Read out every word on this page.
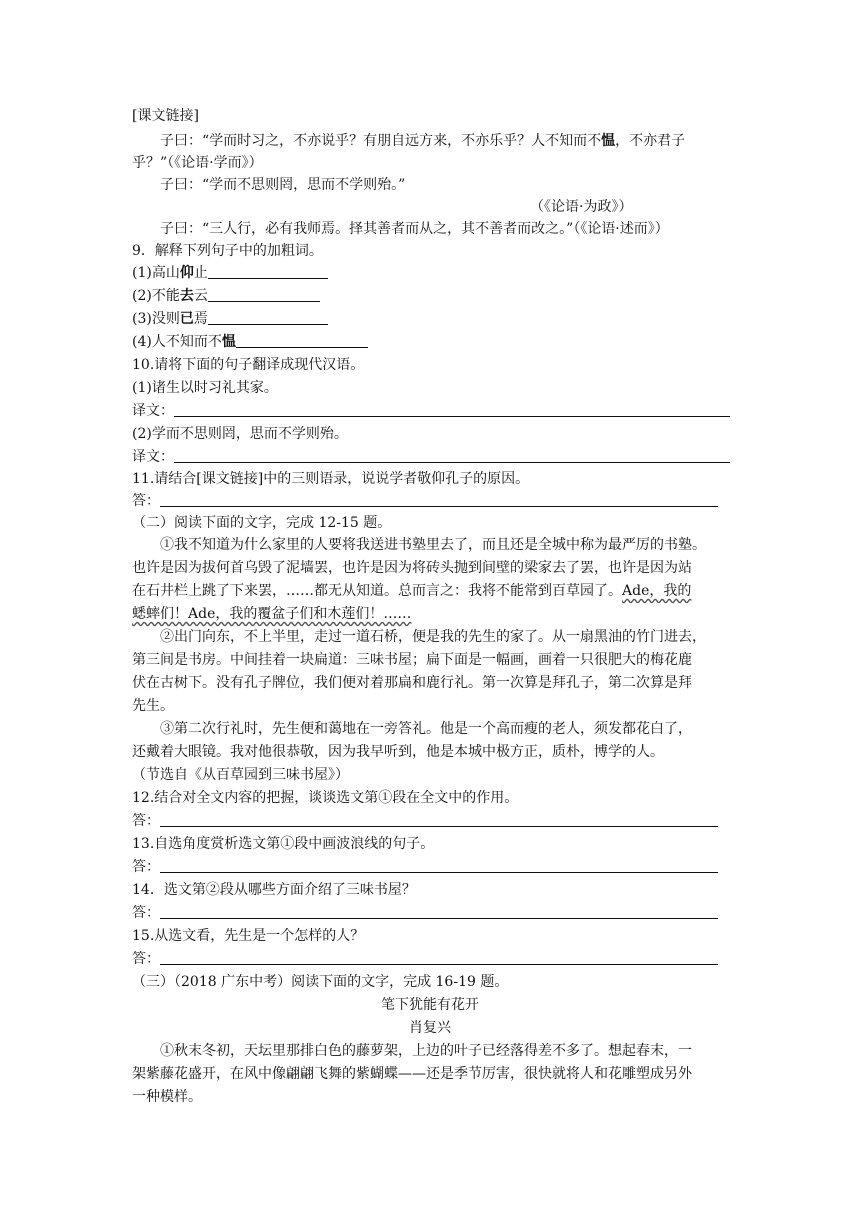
[课文链接]
子曰：“学而时习之，不亦说乎？有朋自远方来，不亦乐乎？人不知而不愠，不亦君子
乎？”（《论语·学而》）
子曰：“学而不思则罔，思而不学则殆。”
（《论语·为政》）
子曰：“三人行，必有我师焉。择其善者而从之，其不善者而改之。”（《论语·述而》）
9．解释下列句子中的加粗词。
(1)高山仰止
(2)不能去云
(3)没则已焉
(4)人不知而不愠
10.请将下面的句子翻译成现代汉语。
(1)诸生以时习礼其家。
译文：
(2)学而不思则罔，思而不学则殆。
译文：
11.请结合[课文链接]中的三则语录，说说学者敬仰孔子的原因。
答：
（二）阅读下面的文字，完成 12-15 题。
①我不知道为什么家里的人要将我送进书塾里去了，而且还是全城中称为最严厉的书塾。
也许是因为拔何首乌毁了泥墙罢，也许是因为将砖头抛到间壁的梁家去了罢，也许是因为站
在石井栏上跳了下来罢，……都无从知道。总而言之：我将不能常到百草园了。Ade，我的
蟋蟀们！Ade，我的覆盆子们和木莲们！……
②出门向东，不上半里，走过一道石桥，便是我的先生的家了。从一扇黑油的竹门进去，
第三间是书房。中间挂着一块扁道：三味书屋；扁下面是一幅画，画着一只很肥大的梅花鹿
伏在古树下。没有孔子牌位，我们便对着那扁和鹿行礼。第一次算是拜孔子，第二次算是拜
先生。
③第二次行礼时，先生便和蔼地在一旁答礼。他是一个高而瘦的老人，须发都花白了，
还戴着大眼镜。我对他很恭敬，因为我早听到，他是本城中极方正，质朴，博学的人。
（节选自《从百草园到三味书屋》）
12.结合对全文内容的把握，谈谈选文第①段在全文中的作用。
答：
13.自选角度赏析选文第①段中画波浪线的句子。
答：
14．选文第②段从哪些方面介绍了三味书屋？
答：
15.从选文看，先生是一个怎样的人？
答：
（三）（2018 广东中考）阅读下面的文字，完成 16-19 题。
笔下犹能有花开
肖复兴
①秋末冬初，天坛里那排白色的藤萝架，上边的叶子已经落得差不多了。想起春末，一
架紫藤花盛开，在风中像翩翩飞舞的紫蝴蝶——还是季节厉害，很快就将人和花雕塑成另外
一种模样。
